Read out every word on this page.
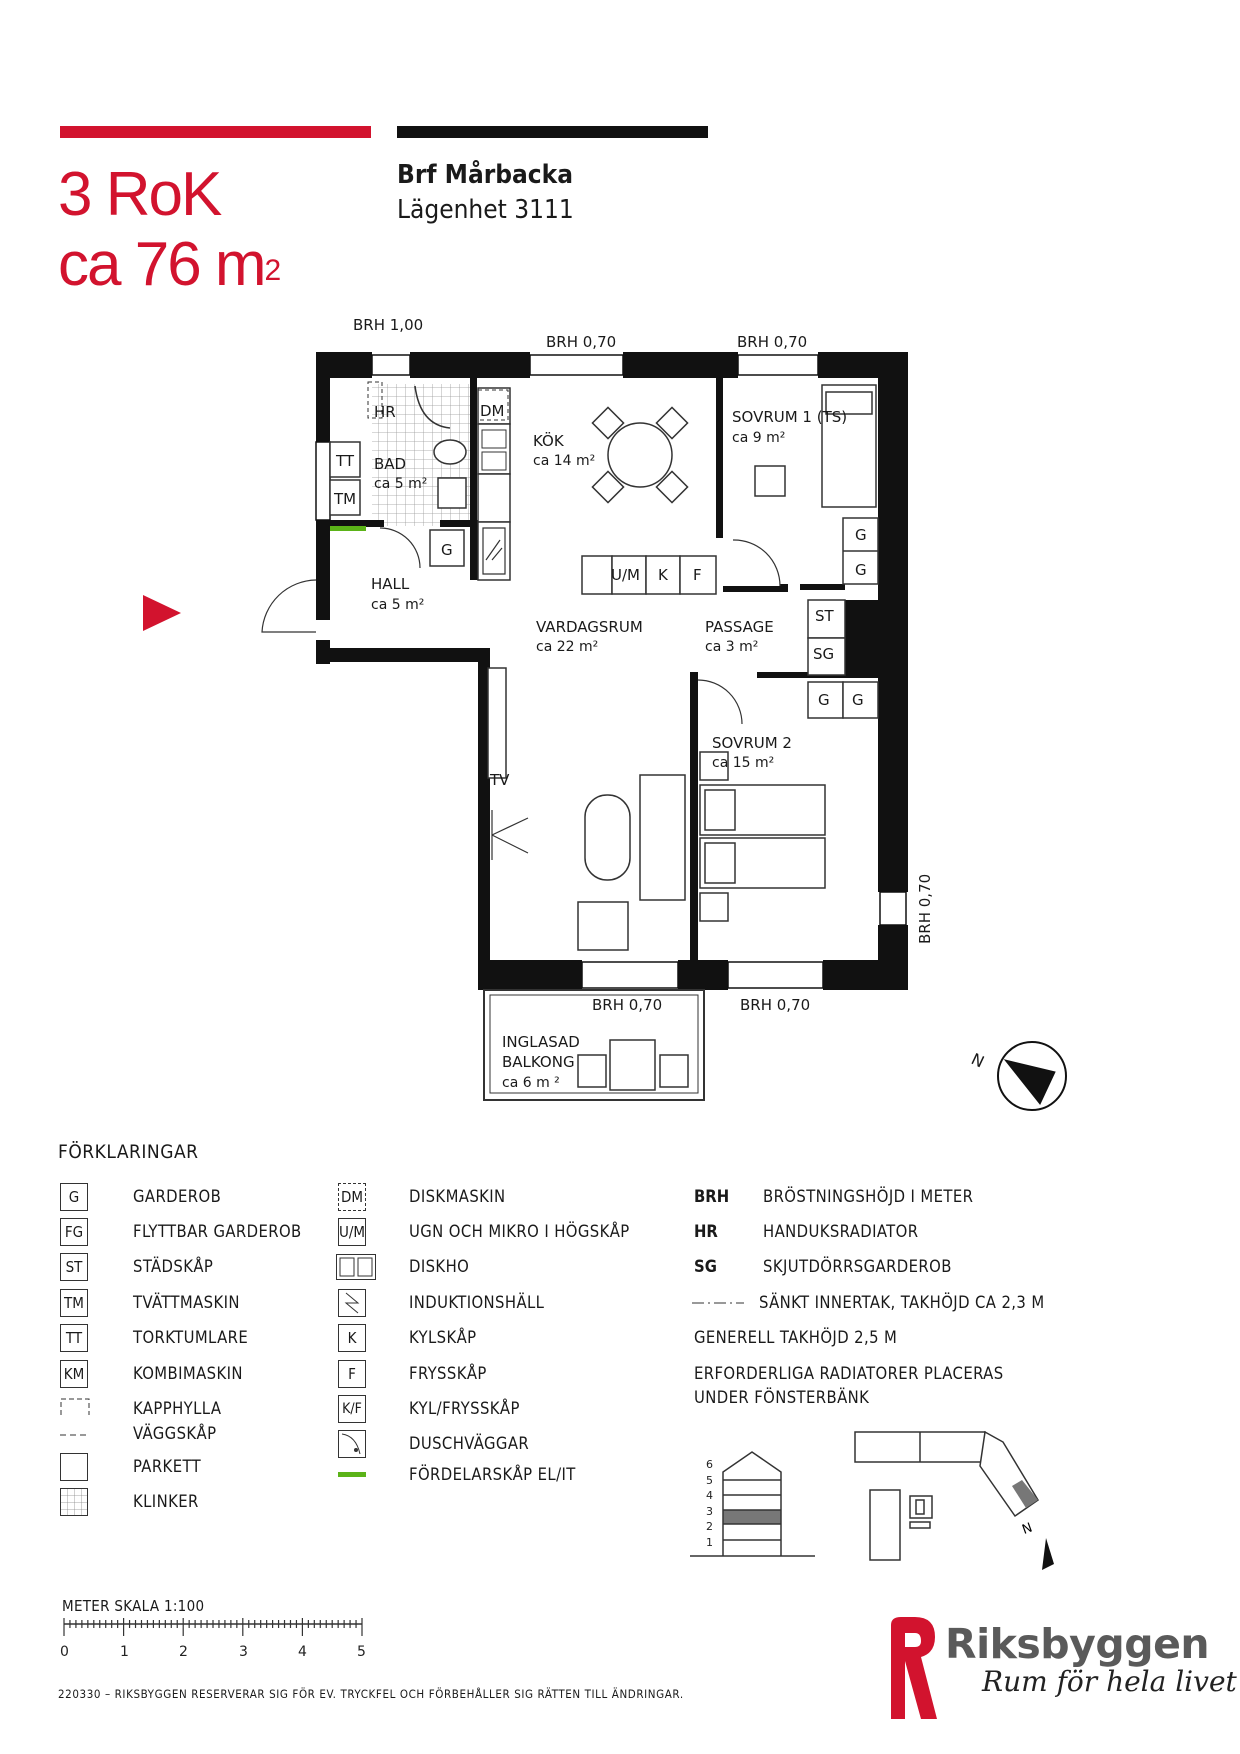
3 RoK
ca 76 $m^2$
Brf Mårbacka
Lägenhet 3111
BRH 1,00
BRH 0,70	BRH 0,70
BRH 0,70	BRH 0,70
BRH 0,70
HR	DM
BAD
ca 5 m²
KÖK
ca 14 m²
SOVRUM 1 (TS)
ca 9 m²
TT
TM
G
G
G
G G
HALL
ca 5 m²
U/M K F
VARDAGSRUM
ca 22 m²
PASSAGE
ca 3 m²
ST
SG
SOVRUM 2
ca 15 m²
TV
INGLASAD
BALKONG
ca 6 m ²
N
FÖRKLARINGAR
G	GARDEROB
FG	FLYTTBAR GARDEROB
ST	STÄDSKÅP
TM	TVÄTTMASKIN
TT	TORKTUMLARE
KM	KOMBIMASKIN
KAPPHYLLA
VÄGGSKÅP
PARKETT
KLINKER
DM	DISKMASKIN
U/M	UGN OCH MIKRO I HÖGSKÅP
DISKHO
INDUKTIONSHÄLL
K	KYLSKÅP
F	FRYSSKÅP
K/F	KYL/FRYSSKÅP
DUSCHVÄGGAR
FÖRDELARSKÅP EL/IT
BRH BRÖSTNINGSHÖJD I METER
HR	HANDUKSRADIATOR
SG	SKJUTDÖRRSGARDEROB
SÄNKT INNERTAK, TAKHÖJD CA 2,3 M
GENERELL TAKHÖJD 2,5 M
ERFORDERLIGA RADIATORER PLACERAS
UNDER FÖNSTERBÄNK
6
5
4
3
2
1
N
METER SKALA 1:100
0	1	2	3	4	5
220330 – RIKSBYGGEN RESERVERAR SIG FÖR EV. TRYCKFEL OCH FÖRBEHÅLLER SIG RÄTTEN TILL ÄNDRINGAR.
Riksbyggen
Rum för hela livet
